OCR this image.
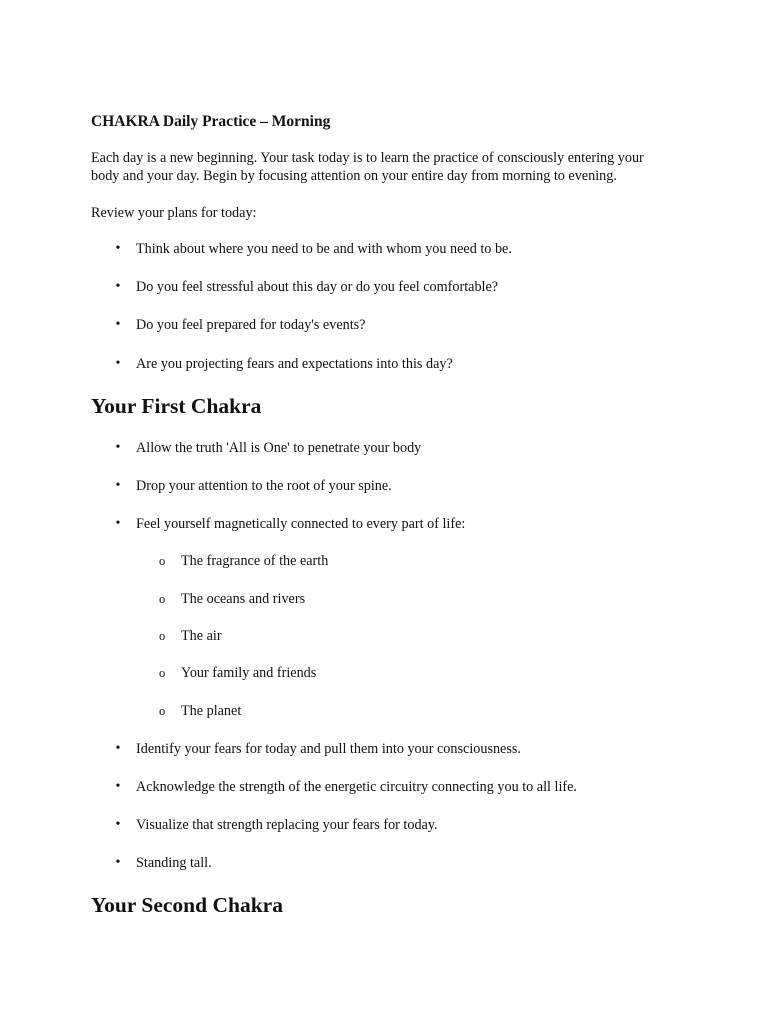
CHAKRA Daily Practice – Morning
Each day is a new beginning. Your task today is to learn the practice of consciously entering your
body and your day. Begin by focusing attention on your entire day from morning to evening.
Review your plans for today:
• Think about where you need to be and with whom you need to be.
• Do you feel stressful about this day or do you feel comfortable?
• Do you feel prepared for today's events?
• Are you projecting fears and expectations into this day?
Your First Chakra
• Allow the truth 'All is One' to penetrate your body
• Drop your attention to the root of your spine.
• Feel yourself magnetically connected to every part of life:
o The fragrance of the earth
o The oceans and rivers
o The air
o Your family and friends
o The planet
• Identify your fears for today and pull them into your consciousness.
• Acknowledge the strength of the energetic circuitry connecting you to all life.
• Visualize that strength replacing your fears for today.
• Standing tall.
Your Second Chakra
